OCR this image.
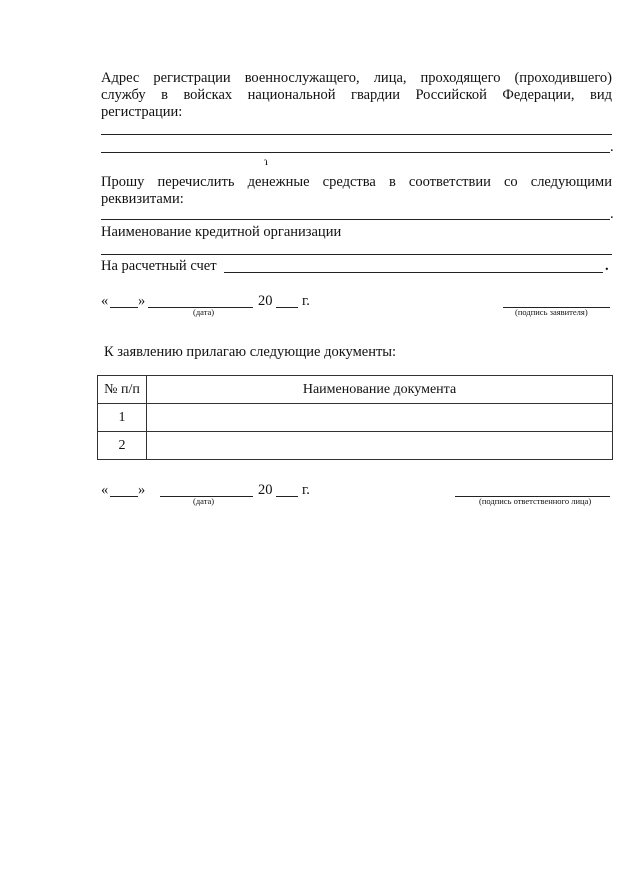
Адрес регистрации военнослужащего, лица, проходящего (проходившего)
службу в войсках национальной гвардии Российской Федерации, вид
регистрации:
.
ɿ
Прошу перечислить денежные средства в соответствии со следующими
реквизитами:
.
Наименование кредитной организации
На расчетный счет	.
« »	20 г.
(дата)	(подпись заявителя)
К заявлению прилагаю следующие документы:
№ п/п	Наименование документа
1	
2	
« »	20 г.
(дата)	(подпись ответственного лица)
